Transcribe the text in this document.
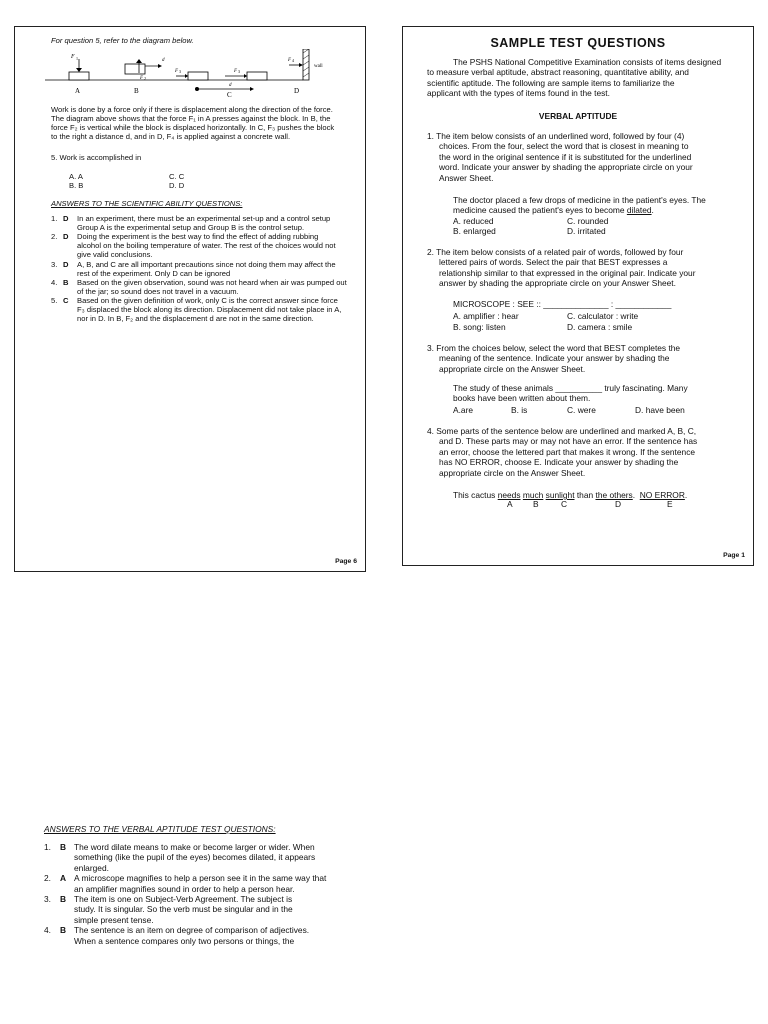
For question 5, refer to the diagram below.
F 1	d
F 2
F 3	F 3
F 4
wall
d
A	B	C	D
Work is done by a force only if there is displacement along the direction of the force.
The diagram above shows that the force F₁ in A presses against the block. In B, the
force F₂ is vertical while the block is displaced horizontally. In C, F₃ pushes the block
to the right a distance d, and in D, F₄ is applied against a concrete wall.
5. Work is accomplished in
A. A
B. B
C. C
D. D
ANSWERS TO THE SCIENTIFIC ABILITY QUESTIONS:
1. D In an experiment, there must be an experimental set-up and a control setup
Group A is the experimental setup and Group B is the control setup.
2. D Doing the experiment is the best way to find the effect of adding rubbing
alcohol on the boiling temperature of water. The rest of the choices would not
give valid conclusions.
3. D A, B, and C are all important precautions since not doing them may affect the
rest of the experiment. Only D can be ignored
4. B Based on the given observation, sound was not heard when air was pumped out
of the jar; so sound does not travel in a vacuum.
5. C Based on the given definition of work, only C is the correct answer since force
F₃ displaced the block along its direction. Displacement did not take place in A,
nor in D. In B, F₂ and the displacement d are not in the same direction.
Page 6
SAMPLE TEST QUESTIONS
The PSHS National Competitive Examination consists of items designed
to measure verbal aptitude, abstract reasoning, quantitative ability, and
scientific aptitude. The following are sample items to familiarize the
applicant with the types of items found in the test.
VERBAL APTITUDE
1. The item below consists of an underlined word, followed by four (4)
choices. From the four, select the word that is closest in meaning to
the word in the original sentence if it is substituted for the underlined
word. Indicate your answer by shading the appropriate circle on your
Answer Sheet.
The doctor placed a few drops of medicine in the patient's eyes. The
medicine caused the patient's eyes to become dilated.
A. reduced	C. rounded
B. enlarged	D. irritated
2. The item below consists of a related pair of words, followed by four
lettered pairs of words. Select the pair that BEST expresses a
relationship similar to that expressed in the original pair. Indicate your
answer by shading the appropriate circle on your Answer Sheet.
MICROSCOPE : SEE :: ______________ : ____________
A. amplifier : hear	C. calculator : write
B. song: listen	D. camera : smile
3. From the choices below, select the word that BEST completes the
meaning of the sentence. Indicate your answer by shading the
appropriate circle on the Answer Sheet.
The study of these animals __________ truly fascinating. Many
books have been written about them.
A.are	B. is	C. were	D. have been
4. Some parts of the sentence below are underlined and marked A, B, C,
and D. These parts may or may not have an error. If the sentence has
an error, choose the lettered part that makes it wrong. If the sentence
has NO ERROR, choose E. Indicate your answer by shading the
appropriate circle on the Answer Sheet.
This cactus needs much sunlight than the others.  NO ERROR.
A B	C	D	E
Page 1
ANSWERS TO THE VERBAL APTITUDE TEST QUESTIONS:
1. B The word dilate means to make or become larger or wider. When
something (like the pupil of the eyes) becomes dilated, it appears
enlarged.
2. A A microscope magnifies to help a person see it in the same way that
an amplifier magnifies sound in order to help a person hear.
3. B The item is one on Subject-Verb Agreement. The subject is
study. It is singular. So the verb must be singular and in the
simple present tense.
4. B The sentence is an item on degree of comparison of adjectives.
When a sentence compares only two persons or things, the
